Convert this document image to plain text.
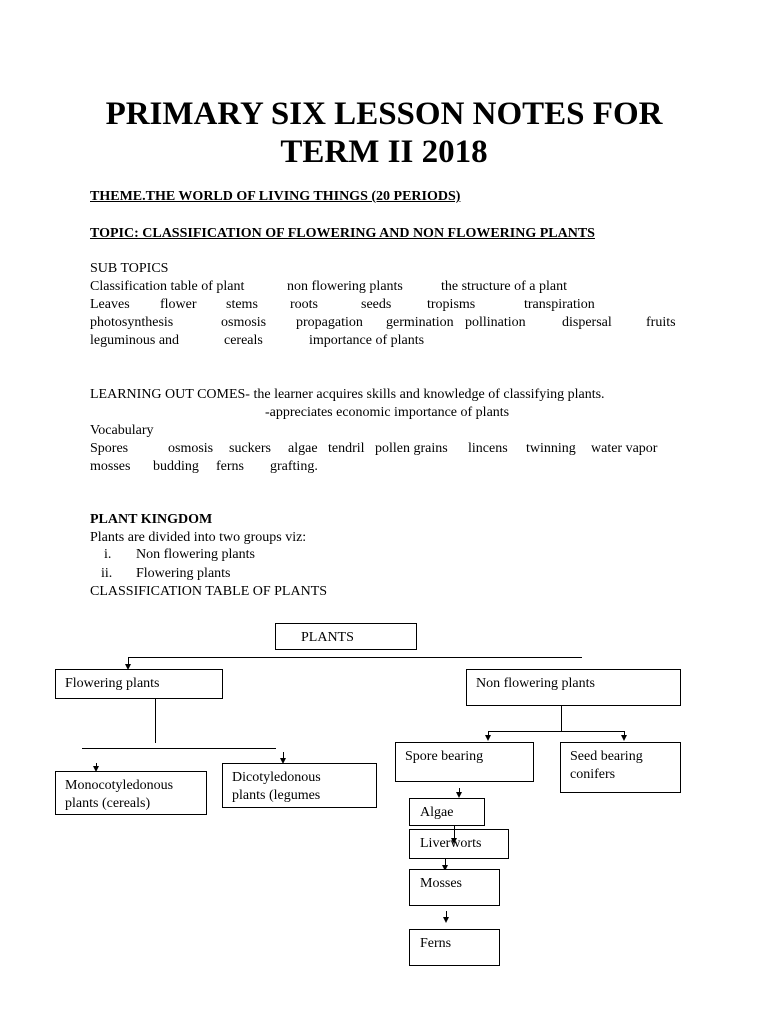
PRIMARY SIX LESSON NOTES FOR
TERM II 2018
THEME.THE WORLD OF LIVING THINGS (20 PERIODS)
TOPIC: CLASSIFICATION OF FLOWERING AND NON FLOWERING PLANTS
SUB TOPICS
Classification table of plant	non flowering plants	the structure of a plant
Leaves flower stems roots	seeds	tropisms	transpiration
photosynthesis	osmosis propagation germination pollination	dispersal fruits
leguminous and	cereals	importance of plants
LEARNING OUT COMES- the learner acquires skills and knowledge of classifying plants.
-appreciates economic importance of plants
Vocabulary
Spores	osmosis suckers algae tendril pollen grains lincens twinning water vapor
mosses budding ferns grafting.
PLANT KINGDOM
Plants are divided into two groups viz:
i. Non flowering plants
ii. Flowering plants
CLASSIFICATION TABLE OF PLANTS
PLANTS
Flowering plants	Non flowering plants
Monocotyledonous
plants (cereals)
Dicotyledonous
plants (legumes
Spore bearing	Seed bearing
conifers
Algae
Liverworts
Mosses
Ferns
